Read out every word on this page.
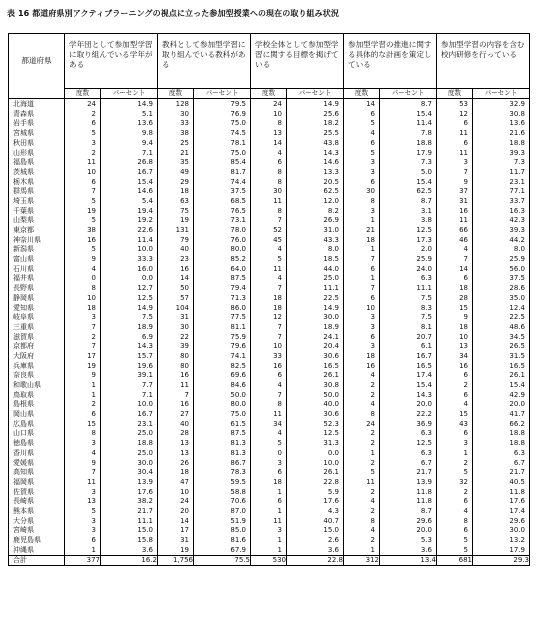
表 16 都道府県別アクティブラーニングの視点に立った参加型授業への現在の取り組み状況
都道府県	学年団として参加型学習に取り組んでいる学年がある		教科として参加型学習に取り組んでいる教科がある		学校全体として参加型学習に関する目標を掲げている		参加型学習の推進に関する具体的な計画を策定している		参加型学習の内容を含む校内研修を行っている	
	度数	パーセント	度数	パーセント	度数	パーセント	度数	パーセント	度数	パーセント
北海道	24	14.9	128	79.5	24	14.9	14	8.7	53	32.9
青森県	2	5.1	30	76.9	10	25.6	6	15.4	12	30.8
岩手県	6	13.6	33	75.0	8	18.2	5	11.4	6	13.6
宮城県	5	9.8	38	74.5	13	25.5	4	7.8	11	21.6
秋田県	3	9.4	25	78.1	14	43.8	6	18.8	6	18.8
山形県	2	7.1	21	75.0	4	14.3	5	17.9	11	39.3
福島県	11	26.8	35	85.4	6	14.6	3	7.3	3	7.3
茨城県	10	16.7	49	81.7	8	13.3	3	5.0	7	11.7
栃木県	6	15.4	29	74.4	8	20.5	6	15.4	9	23.1
群馬県	7	14.6	18	37.5	30	62.5	30	62.5	37	77.1
埼玉県	5	5.4	63	68.5	11	12.0	8	8.7	31	33.7
千葉県	19	19.4	75	76.5	8	8.2	3	3.1	16	16.3
山梨県	5	19.2	19	73.1	7	26.9	1	3.8	11	42.3
東京都	38	22.6	131	78.0	52	31.0	21	12.5	66	39.3
神奈川県	16	11.4	79	76.0	45	43.3	18	17.3	46	44.2
新潟県	5	10.0	40	80.0	4	8.0	1	2.0	4	8.0
富山県	9	33.3	23	85.2	5	18.5	7	25.9	7	25.9
石川県	4	16.0	16	64.0	11	44.0	6	24.0	14	56.0
福井県	0	0.0	14	87.5	4	25.0	1	6.3	6	37.5
長野県	8	12.7	50	79.4	7	11.1	7	11.1	18	28.6
静岡県	10	12.5	57	71.3	18	22.5	6	7.5	28	35.0
愛知県	18	14.9	104	86.0	18	14.9	10	8.3	15	12.4
岐阜県	3	7.5	31	77.5	12	30.0	3	7.5	9	22.5
三重県	7	18.9	30	81.1	7	18.9	3	8.1	18	48.6
滋賀県	2	6.9	22	75.9	7	24.1	6	20.7	10	34.5
京都府	7	14.3	39	79.6	10	20.4	3	6.1	13	26.5
大阪府	17	15.7	80	74.1	33	30.6	18	16.7	34	31.5
兵庫県	19	19.6	80	82.5	16	16.5	16	16.5	16	16.5
奈良県	9	39.1	16	69.6	6	26.1	4	17.4	6	26.1
和歌山県	1	7.7	11	84.6	4	30.8	2	15.4	2	15.4
鳥取県	1	7.1	7	50.0	7	50.0	2	14.3	6	42.9
島根県	2	10.0	16	80.0	8	40.0	4	20.0	4	20.0
岡山県	6	16.7	27	75.0	11	30.6	8	22.2	15	41.7
広島県	15	23.1	40	61.5	34	52.3	24	36.9	43	66.2
山口県	8	25.0	28	87.5	4	12.5	2	6.3	6	18.8
徳島県	3	18.8	13	81.3	5	31.3	2	12.5	3	18.8
香川県	4	25.0	13	81.3	0	0.0	1	6.3	1	6.3
愛媛県	9	30.0	26	86.7	3	10.0	2	6.7	2	6.7
高知県	7	30.4	18	78.3	6	26.1	5	21.7	5	21.7
福岡県	11	13.9	47	59.5	18	22.8	11	13.9	32	40.5
佐賀県	3	17.6	10	58.8	1	5.9	2	11.8	2	11.8
長崎県	13	38.2	24	70.6	6	17.6	4	11.8	6	17.6
熊本県	5	21.7	20	87.0	1	4.3	2	8.7	4	17.4
大分県	3	11.1	14	51.9	11	40.7	8	29.6	8	29.6
宮崎県	3	15.0	17	85.0	3	15.0	4	20.0	6	30.0
鹿児島県	6	15.8	31	81.6	1	2.6	2	5.3	5	13.2
沖縄県	1	3.6	19	67.9	1	3.6	1	3.6	5	17.9
合計	377	16.2	1,756	75.5	530	22.8	312	13.4	681	29.3
